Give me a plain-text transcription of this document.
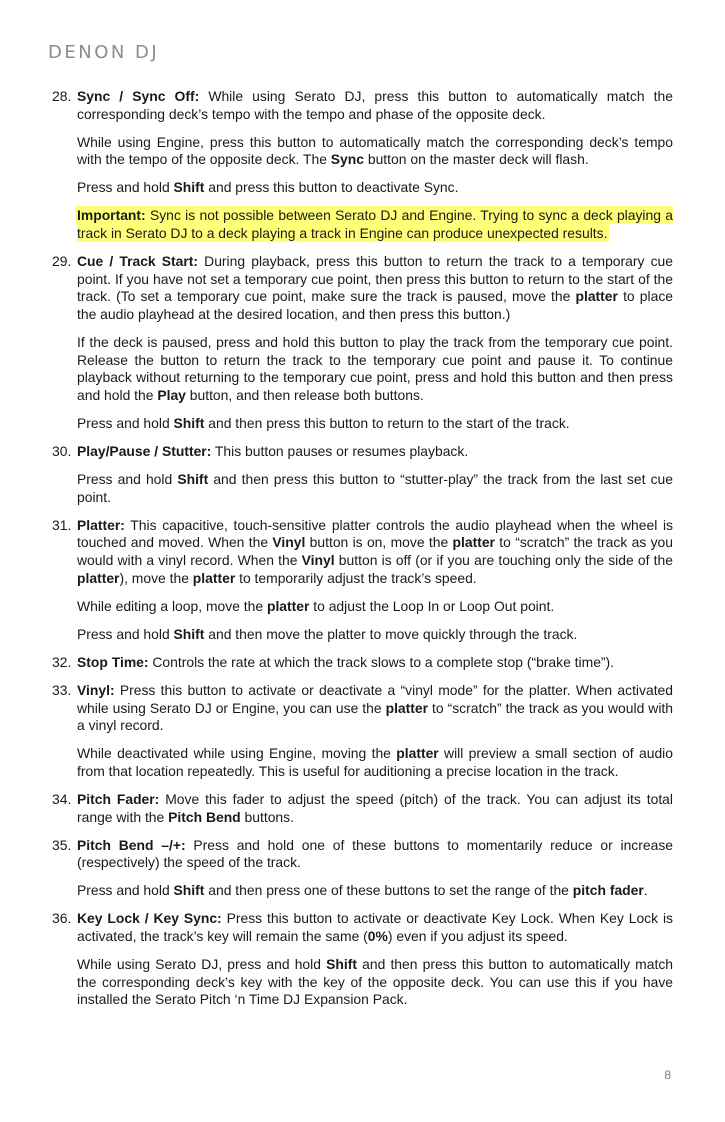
DENON DJ
28. Sync / Sync Off: While using Serato DJ, press this button to automatically match the corresponding deck’s tempo with the tempo and phase of the opposite deck.

While using Engine, press this button to automatically match the corresponding deck’s tempo with the tempo of the opposite deck. The Sync button on the master deck will flash.

Press and hold Shift and press this button to deactivate Sync.

Important: Sync is not possible between Serato DJ and Engine. Trying to sync a deck playing a track in Serato DJ to a deck playing a track in Engine can produce unexpected results.

29. Cue / Track Start: During playback, press this button to return the track to a temporary cue point. If you have not set a temporary cue point, then press this button to return to the start of the track. (To set a temporary cue point, make sure the track is paused, move the platter to place the audio playhead at the desired location, and then press this button.)

If the deck is paused, press and hold this button to play the track from the temporary cue point. Release the button to return the track to the temporary cue point and pause it. To continue playback without returning to the temporary cue point, press and hold this button and then press and hold the Play button, and then release both buttons.

Press and hold Shift and then press this button to return to the start of the track.

30. Play/Pause / Stutter: This button pauses or resumes playback.

Press and hold Shift and then press this button to “stutter-play” the track from the last set cue point.

31. Platter: This capacitive, touch-sensitive platter controls the audio playhead when the wheel is touched and moved. When the Vinyl button is on, move the platter to “scratch” the track as you would with a vinyl record. When the Vinyl button is off (or if you are touching only the side of the platter), move the platter to temporarily adjust the track’s speed.

While editing a loop, move the platter to adjust the Loop In or Loop Out point.

Press and hold Shift and then move the platter to move quickly through the track.

32. Stop Time: Controls the rate at which the track slows to a complete stop (“brake time”).

33. Vinyl: Press this button to activate or deactivate a “vinyl mode” for the platter. When activated while using Serato DJ or Engine, you can use the platter to “scratch” the track as you would with a vinyl record.

While deactivated while using Engine, moving the platter will preview a small section of audio from that location repeatedly. This is useful for auditioning a precise location in the track.

34. Pitch Fader: Move this fader to adjust the speed (pitch) of the track. You can adjust its total range with the Pitch Bend buttons.

35. Pitch Bend –/+: Press and hold one of these buttons to momentarily reduce or increase (respectively) the speed of the track.

Press and hold Shift and then press one of these buttons to set the range of the pitch fader.

36. Key Lock / Key Sync: Press this button to activate or deactivate Key Lock. When Key Lock is activated, the track’s key will remain the same (0%) even if you adjust its speed.

While using Serato DJ, press and hold Shift and then press this button to automatically match the corresponding deck’s key with the key of the opposite deck. You can use this if you have installed the Serato Pitch ‘n Time DJ Expansion Pack.

8
